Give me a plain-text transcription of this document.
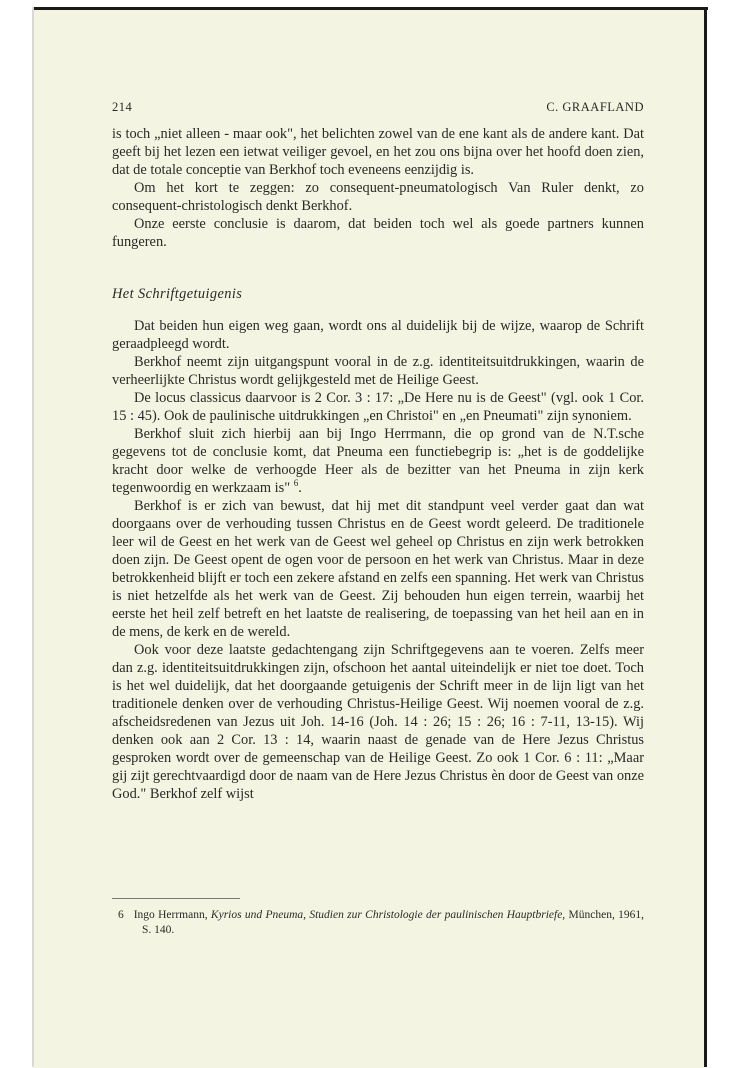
214	C. GRAAFLAND

is toch „niet alleen - maar ook", het belichten zowel van de ene kant als de andere kant. Dat geeft bij het lezen een ietwat veiliger gevoel, en het zou ons bijna over het hoofd doen zien, dat de totale conceptie van Berkhof toch eveneens eenzijdig is.

Om het kort te zeggen: zo consequent-pneumatologisch Van Ruler denkt, zo consequent-christologisch denkt Berkhof.

Onze eerste conclusie is daarom, dat beiden toch wel als goede partners kunnen fungeren.

Het Schriftgetuigenis

Dat beiden hun eigen weg gaan, wordt ons al duidelijk bij de wijze, waarop de Schrift geraadpleegd wordt.

Berkhof neemt zijn uitgangspunt vooral in de z.g. identiteitsuitdrukkingen, waarin de verheerlijkte Christus wordt gelijkgesteld met de Heilige Geest.

De locus classicus daarvoor is 2 Cor. 3 : 17: „De Here nu is de Geest" (vgl. ook 1 Cor. 15 : 45). Ook de paulinische uitdrukkingen „en Christoi" en „en Pneumati" zijn synoniem.

Berkhof sluit zich hierbij aan bij Ingo Herrmann, die op grond van de N.T.sche gegevens tot de conclusie komt, dat Pneuma een functiebegrip is: „het is de goddelijke kracht door welke de verhoogde Heer als de bezitter van het Pneuma in zijn kerk tegenwoordig en werkzaam is" $^6$.

Berkhof is er zich van bewust, dat hij met dit standpunt veel verder gaat dan wat doorgaans over de verhouding tussen Christus en de Geest wordt geleerd. De traditionele leer wil de Geest en het werk van de Geest wel geheel op Christus en zijn werk betrokken doen zijn. De Geest opent de ogen voor de persoon en het werk van Christus. Maar in deze betrokkenheid blijft er toch een zekere afstand en zelfs een spanning. Het werk van Christus is niet hetzelfde als het werk van de Geest. Zij behouden hun eigen terrein, waarbij het eerste het heil zelf betreft en het laatste de realisering, de toepassing van het heil aan en in de mens, de kerk en de wereld.

Ook voor deze laatste gedachtengang zijn Schriftgegevens aan te voeren. Zelfs meer dan z.g. identiteitsuitdrukkingen zijn, ofschoon het aantal uiteindelijk er niet toe doet. Toch is het wel duidelijk, dat het doorgaande getuigenis der Schrift meer in de lijn ligt van het traditionele denken over de verhouding Christus-Heilige Geest. Wij noemen vooral de z.g. afscheidsredenen van Jezus uit Joh. 14-16 (Joh. 14 : 26; 15 : 26; 16 : 7-11, 13-15). Wij denken ook aan 2 Cor. 13 : 14, waarin naast de genade van de Here Jezus Christus gesproken wordt over de gemeenschap van de Heilige Geest. Zo ook 1 Cor. 6 : 11: „Maar gij zijt gerechtvaardigd door de naam van de Here Jezus Christus èn door de Geest van onze God." Berkhof zelf wijst

6 Ingo Herrmann, Kyrios und Pneuma, Studien zur Christologie der paulinischen Hauptbriefe, München, 1961, S. 140.
